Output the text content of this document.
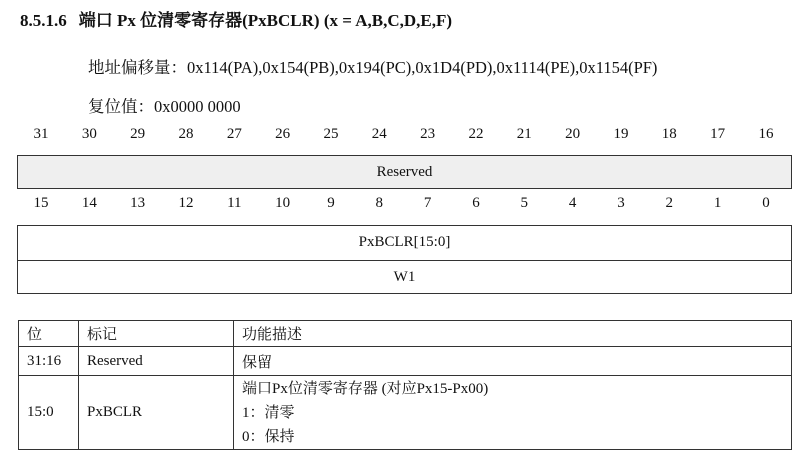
8.5.1.6 端口 Px 位清零寄存器(PxBCLR) (x = A,B,C,D,E,F)
地址偏移量：0x114(PA),0x154(PB),0x194(PC),0x1D4(PD),0x1114(PE),0x1154(PF)
复位值：0x0000 0000
31 30 29 28 27 26 25 24 23 22 21 20 19 18 17 16
Reserved
15 14 13 12 11 10 9	8	7	6	5	4	3	2	1	0
PxBCLR[15:0]
W1
位	标记	功能描述
31:16	Reserved	保留
15:0	PxBCLR	端口Px位清零寄存器 (对应Px15-Px00)
1：清零
0：保持
